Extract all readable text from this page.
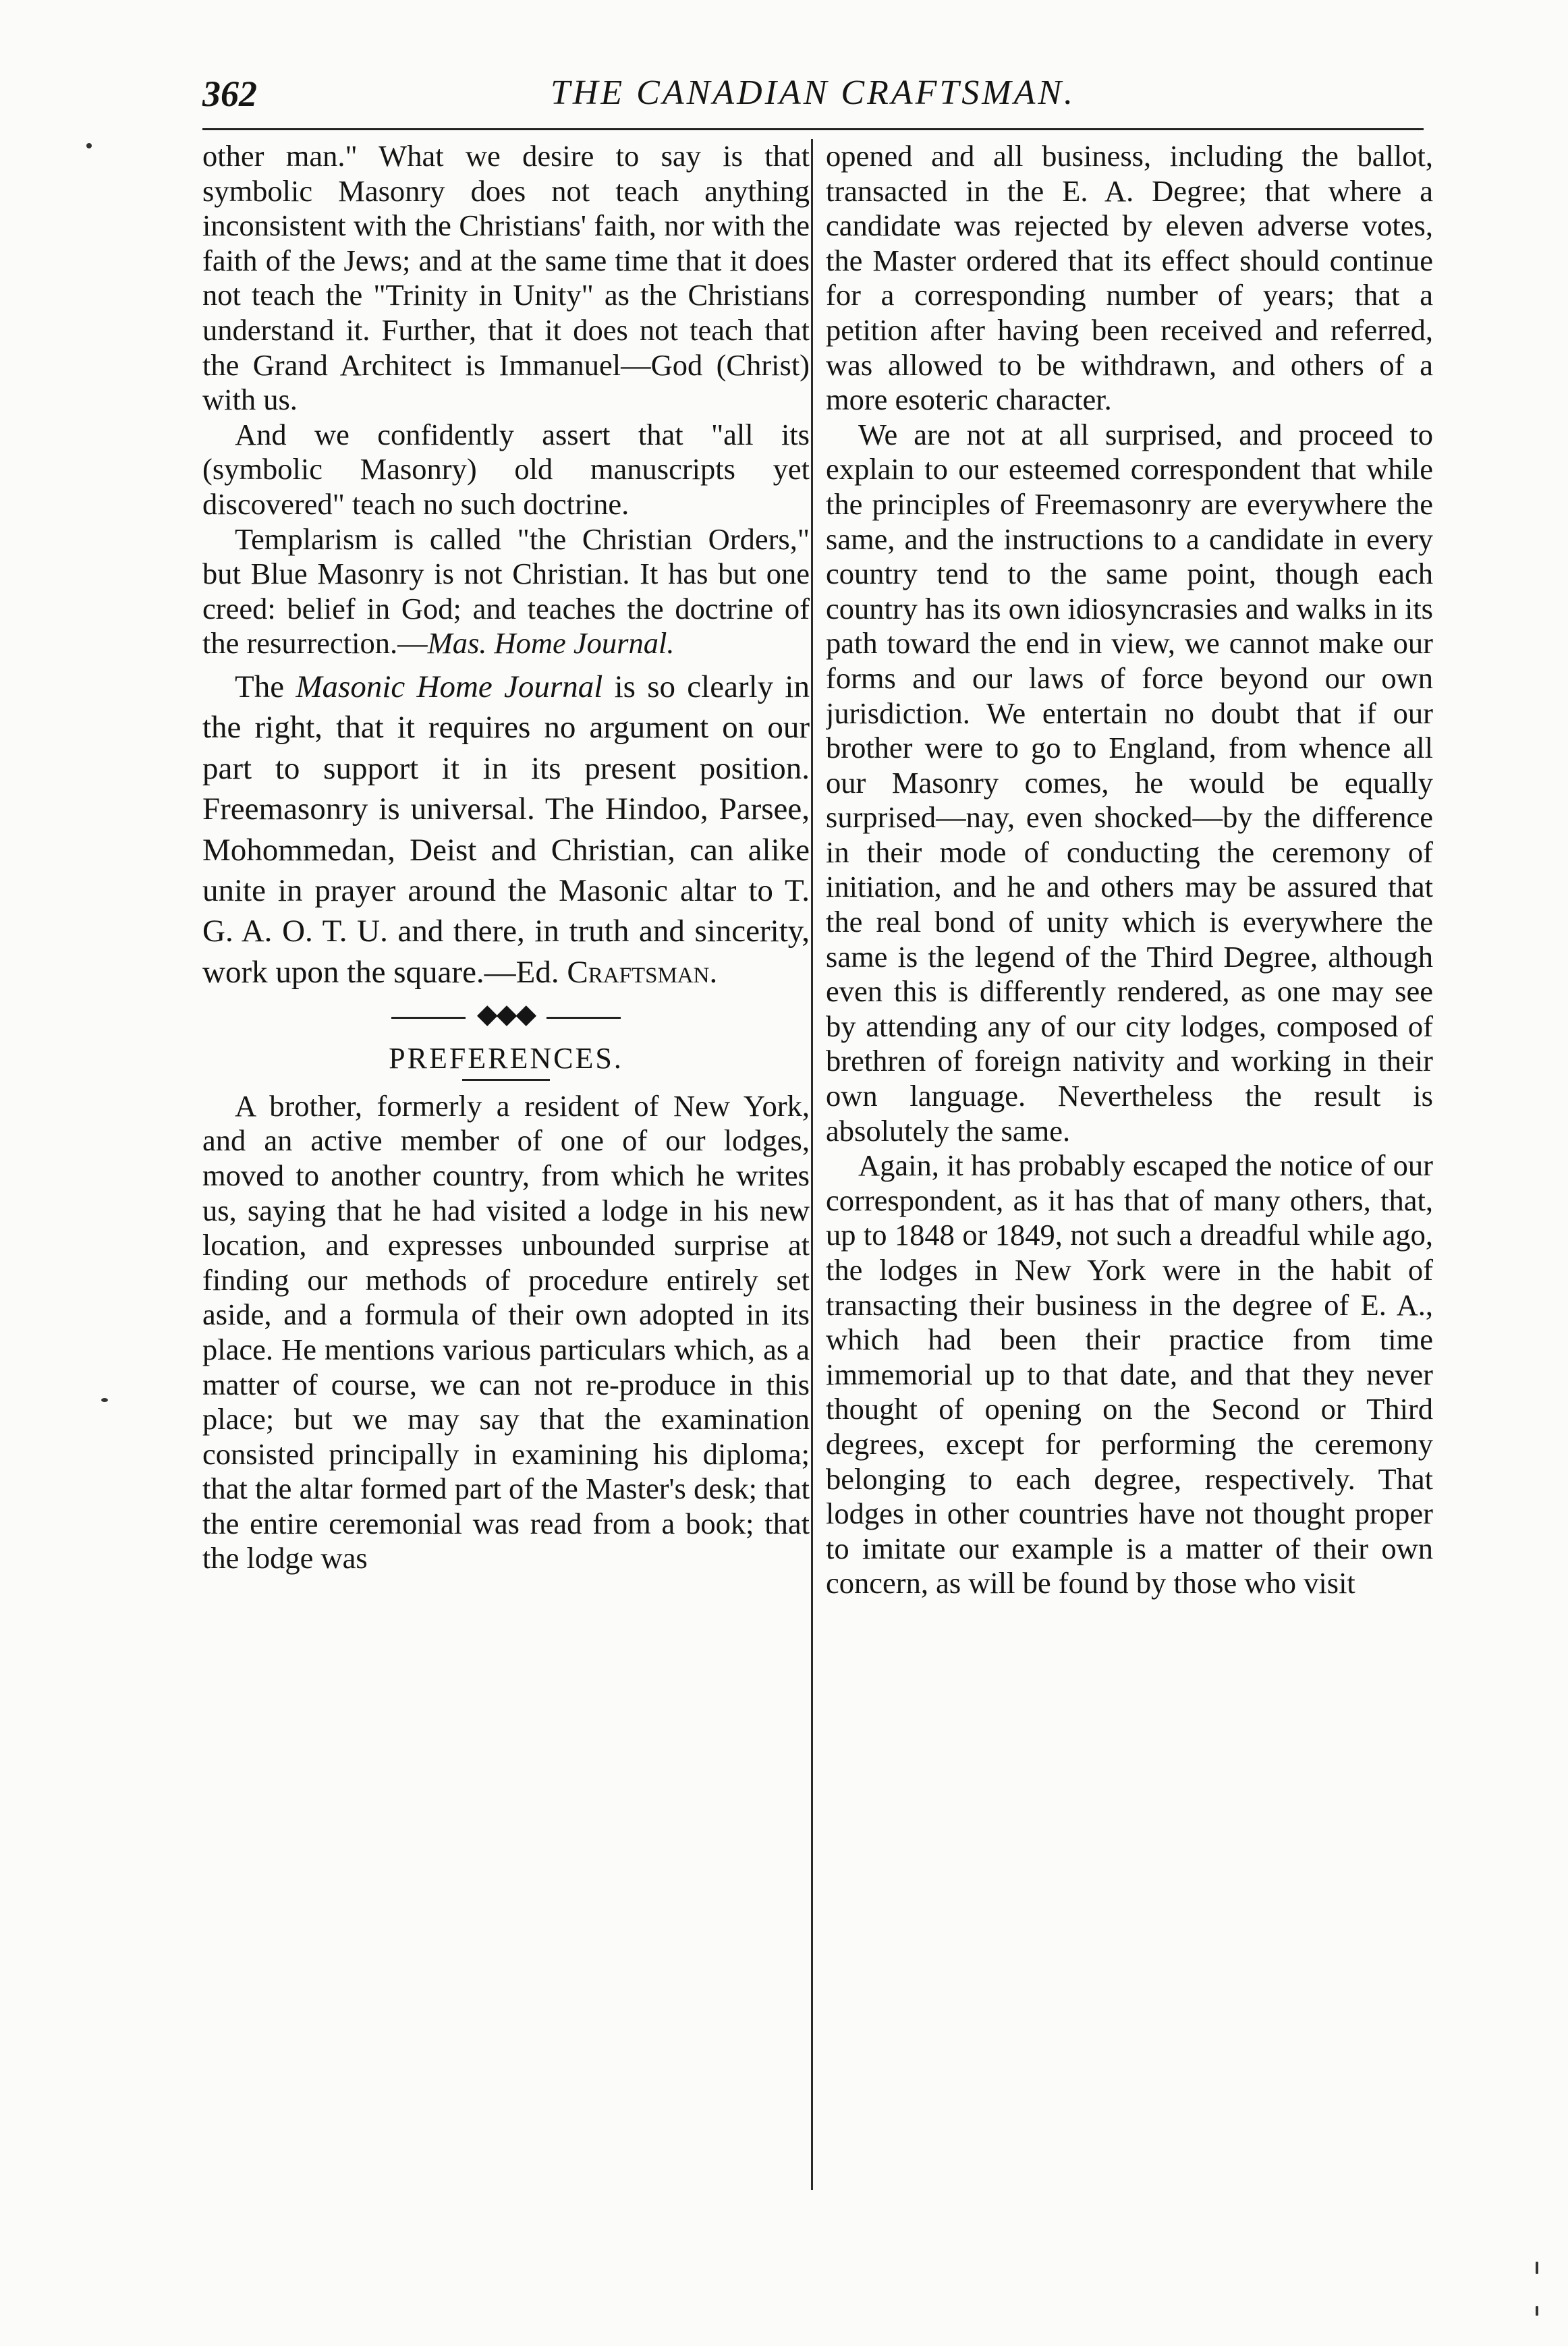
362	THE CANADIAN CRAFTSMAN.

other man." What we desire to say is that symbolic Masonry does not teach anything inconsistent with the Christians' faith, nor with the faith of the Jews; and at the same time that it does not teach the "Trinity in Unity" as the Christians understand it. Further, that it does not teach that the Grand Architect is Immanuel—God (Christ) with us.

And we confidently assert that "all its (symbolic Masonry) old manuscripts yet discovered" teach no such doctrine.

Templarism is called "the Christian Orders," but Blue Masonry is not Christian. It has but one creed: belief in God; and teaches the doctrine of the resurrection.—Mas. Home Journal.

The Masonic Home Journal is so clearly in the right, that it requires no argument on our part to support it in its present position. Freemasonry is universal. The Hindoo, Parsee, Mohommedan, Deist and Christian, can alike unite in prayer around the Masonic altar to T. G. A. O. T. U. and there, in truth and sincerity, work upon the square.—Ed. Craftsman.

◆◆◆

PREFERENCES.

A brother, formerly a resident of New York, and an active member of one of our lodges, moved to another country, from which he writes us, saying that he had visited a lodge in his new location, and expresses unbounded surprise at finding our methods of procedure entirely set aside, and a formula of their own adopted in its place. He mentions various particulars which, as a matter of course, we can not re-produce in this place; but we may say that the examination consisted principally in examining his diploma; that the altar formed part of the Master's desk; that the entire ceremonial was read from a book; that the lodge was

opened and all business, including the ballot, transacted in the E. A. Degree; that where a candidate was rejected by eleven adverse votes, the Master ordered that its effect should continue for a corresponding number of years; that a petition after having been received and referred, was allowed to be withdrawn, and others of a more esoteric character.

We are not at all surprised, and proceed to explain to our esteemed correspondent that while the principles of Freemasonry are everywhere the same, and the instructions to a candidate in every country tend to the same point, though each country has its own idiosyncrasies and walks in its path toward the end in view, we cannot make our forms and our laws of force beyond our own jurisdiction. We entertain no doubt that if our brother were to go to England, from whence all our Masonry comes, he would be equally surprised—nay, even shocked—by the difference in their mode of conducting the ceremony of initiation, and he and others may be assured that the real bond of unity which is everywhere the same is the legend of the Third Degree, although even this is differently rendered, as one may see by attending any of our city lodges, composed of brethren of foreign nativity and working in their own language. Nevertheless the result is absolutely the same.

Again, it has probably escaped the notice of our correspondent, as it has that of many others, that, up to 1848 or 1849, not such a dreadful while ago, the lodges in New York were in the habit of transacting their business in the degree of E. A., which had been their practice from time immemorial up to that date, and that they never thought of opening on the Second or Third degrees, except for performing the ceremony belonging to each degree, respectively. That lodges in other countries have not thought proper to imitate our example is a matter of their own concern, as will be found by those who visit
